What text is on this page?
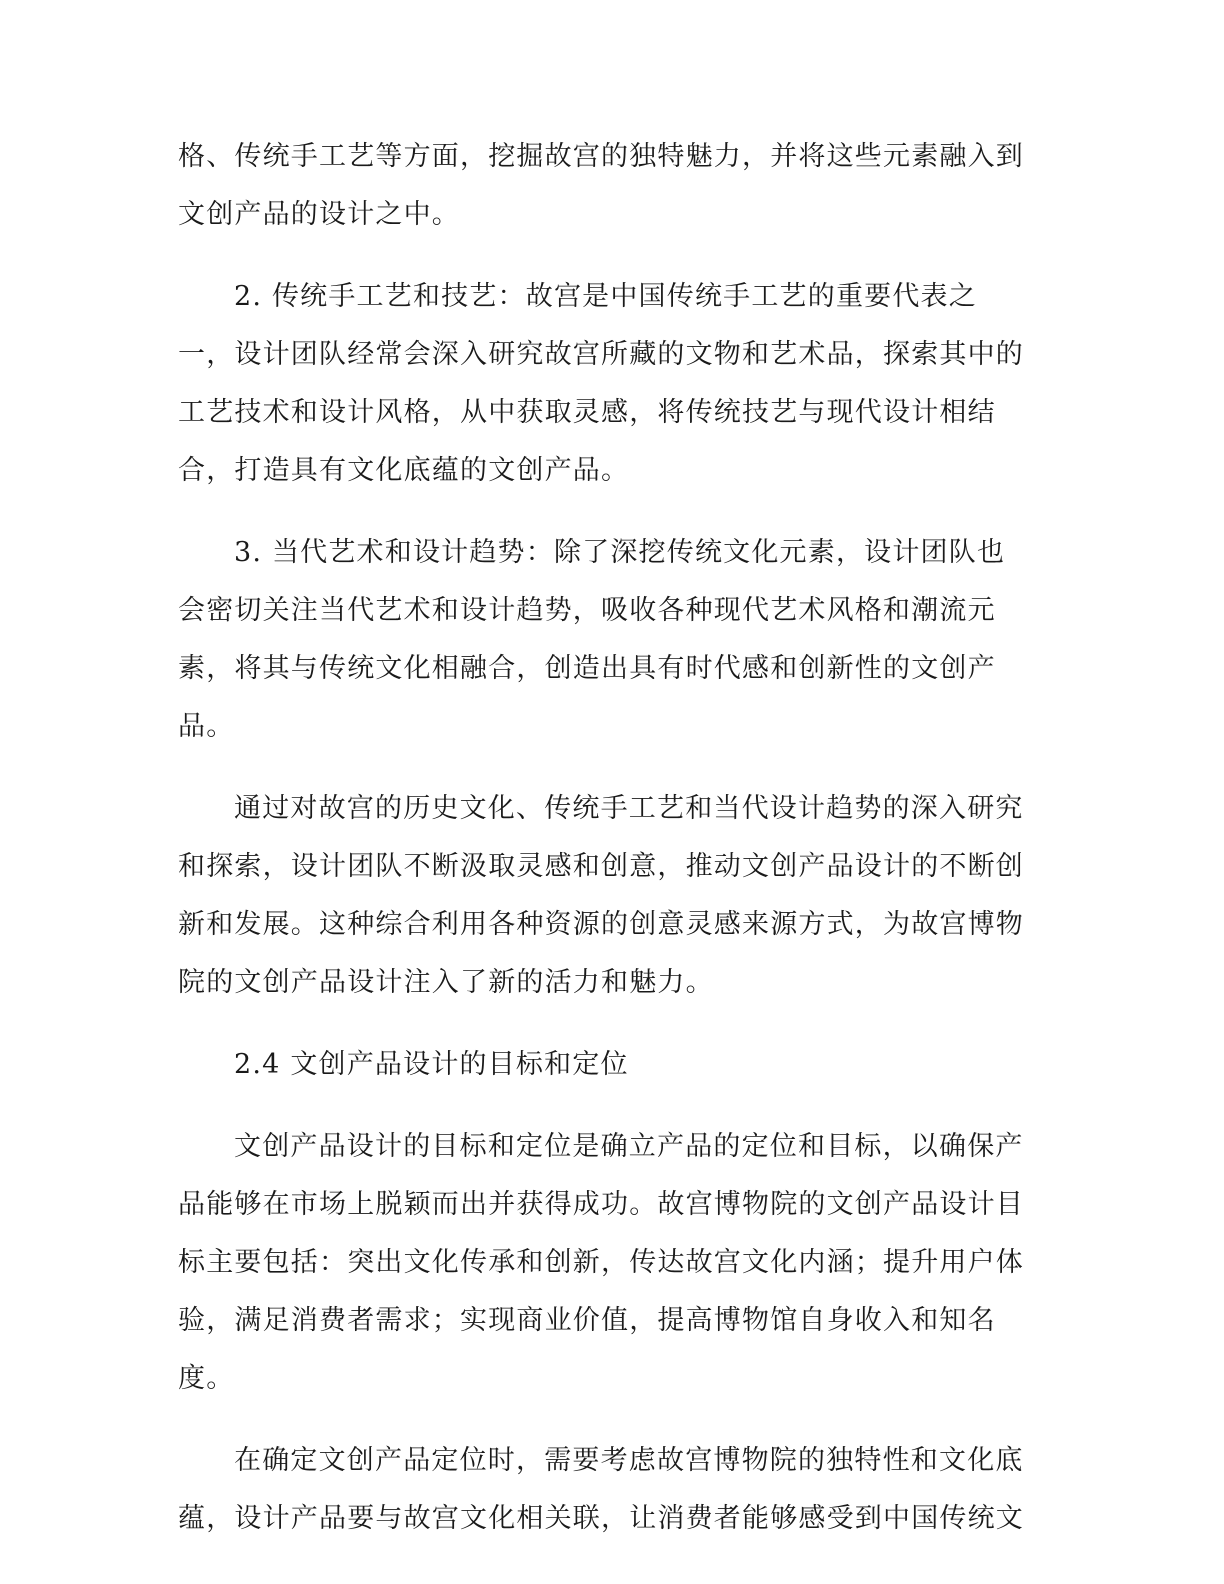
格、传统手工艺等方面，挖掘故宫的独特魅力，并将这些元素融入到文创产品的设计之中。

2. 传统手工艺和技艺：故宫是中国传统手工艺的重要代表之一，设计团队经常会深入研究故宫所藏的文物和艺术品，探索其中的工艺技术和设计风格，从中获取灵感，将传统技艺与现代设计相结合，打造具有文化底蕴的文创产品。

3. 当代艺术和设计趋势：除了深挖传统文化元素，设计团队也会密切关注当代艺术和设计趋势，吸收各种现代艺术风格和潮流元素，将其与传统文化相融合，创造出具有时代感和创新性的文创产品。

通过对故宫的历史文化、传统手工艺和当代设计趋势的深入研究和探索，设计团队不断汲取灵感和创意，推动文创产品设计的不断创新和发展。这种综合利用各种资源的创意灵感来源方式，为故宫博物院的文创产品设计注入了新的活力和魅力。

2.4 文创产品设计的目标和定位

文创产品设计的目标和定位是确立产品的定位和目标，以确保产品能够在市场上脱颖而出并获得成功。故宫博物院的文创产品设计目标主要包括：突出文化传承和创新，传达故宫文化内涵；提升用户体验，满足消费者需求；实现商业价值，提高博物馆自身收入和知名度。

在确定文创产品定位时，需要考虑故宫博物院的独特性和文化底蕴，设计产品要与故宫文化相关联，让消费者能够感受到中国传统文
